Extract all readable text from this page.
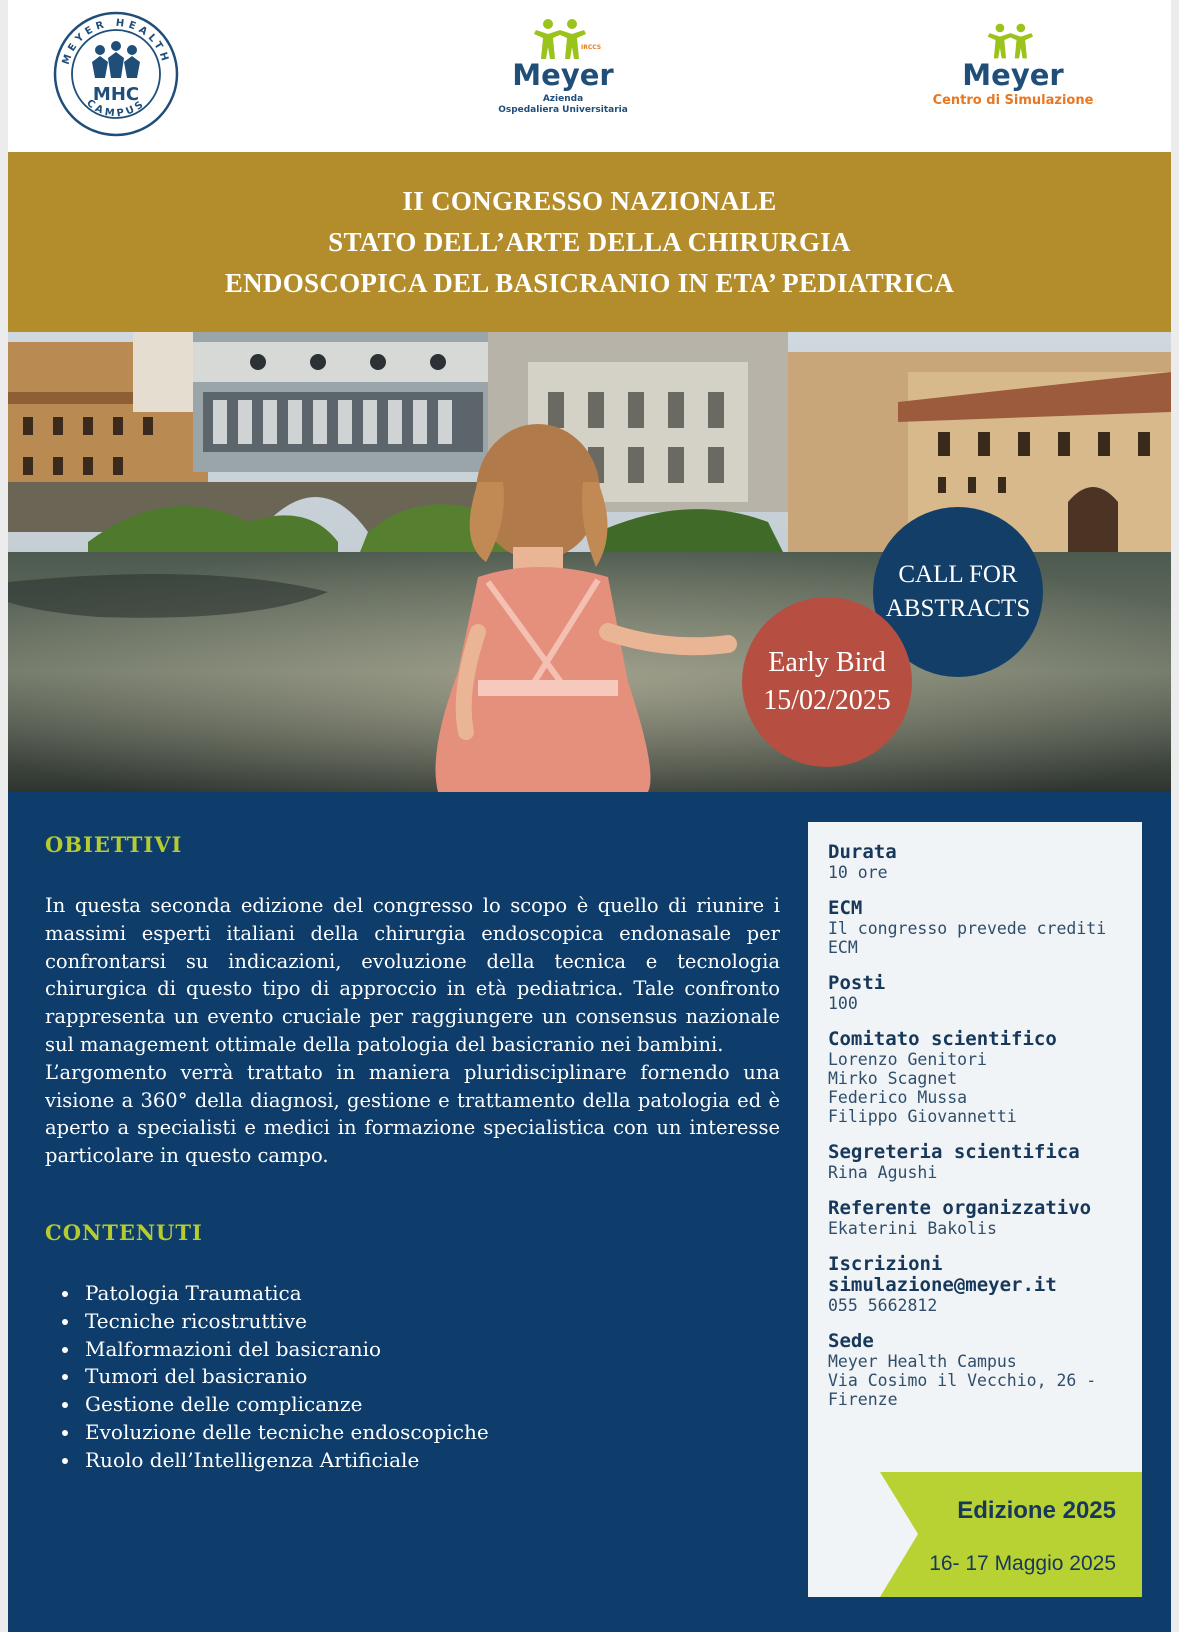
MEYER HEALTH
CAMPUS
MHC
IRCCS
Meyer
Azienda
Ospedaliera Universitaria
Meyer
Centro di Simulazione
II CONGRESSO NAZIONALE
STATO DELL’ARTE DELLA CHIRURGIA
ENDOSCOPICA DEL BASICRANIO IN ETA’ PEDIATRICA
CALL FOR
ABSTRACTS
Early Bird
15/02/2025
OBIETTIVI

In questa seconda edizione del congresso lo scopo è quello di riunire i massimi esperti italiani della chirurgia endoscopica endonasale per confrontarsi su indicazioni, evoluzione della tecnica e tecnologia chirurgica di questo tipo di approccio in età pediatrica. Tale confronto rappresenta un evento cruciale per raggiungere un consensus nazionale sul management ottimale della patologia del basicranio nei bambini.

L’argomento verrà trattato in maniera pluridisciplinare fornendo una visione a 360° della diagnosi, gestione e trattamento della patologia ed è aperto a specialisti e medici in formazione specialistica con un interesse particolare in questo campo.

CONTENUTI
• Patologia Traumatica
• Tecniche ricostruttive
• Malformazioni del basicranio
• Tumori del basicranio
• Gestione delle complicanze
• Evoluzione delle tecniche endoscopiche
• Ruolo dell’Intelligenza Artificiale
Durata
10 ore
ECM
Il congresso prevede crediti
ECM
Posti
100
Comitato scientifico
Lorenzo Genitori
Mirko Scagnet
Federico Mussa
Filippo Giovannetti
Segreteria scientifica
Rina Agushi
Referente organizzativo
Ekaterini Bakolis
Iscrizioni
simulazione@meyer.it
055 5662812
Sede
Meyer Health Campus
Via Cosimo il Vecchio, 26 -
Firenze
Edizione 2025
16- 17 Maggio 2025
